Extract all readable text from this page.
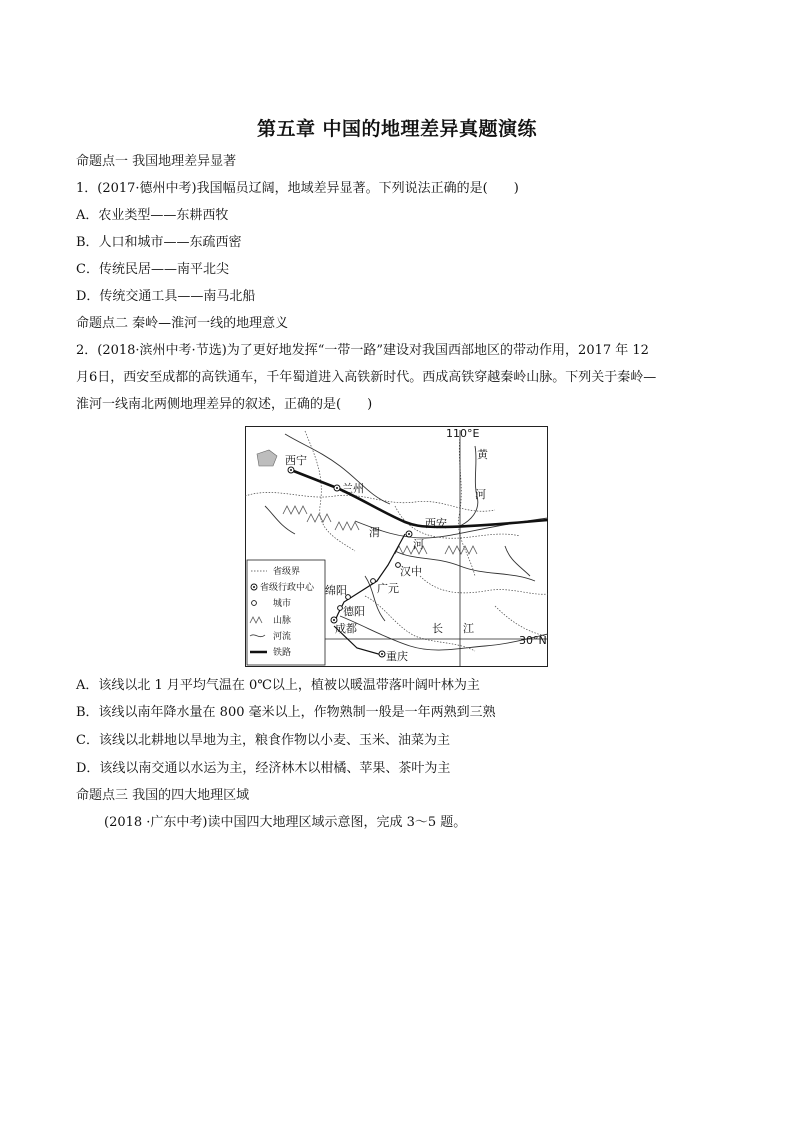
第五章 中国的地理差异真题演练
命题点一 我国地理差异显著
1．(2017·德州中考)我国幅员辽阔，地域差异显著。下列说法正确的是(　　)
A．农业类型——东耕西牧
B．人口和城市——东疏西密
C．传统民居——南平北尖
D．传统交通工具——南马北船
命题点二 秦岭—淮河一线的地理意义
2．(2018·滨州中考·节选)为了更好地发挥“一带一路”建设对我国西部地区的带动作用，2017 年 12
月6日，西安至成都的高铁通车，千年蜀道进入高铁新时代。西成高铁穿越秦岭山脉。下列关于秦岭—
淮河一线南北两侧地理差异的叙述，正确的是(　　)
西宁
兰州
西安
汉中
广元
绵阳
德阳
成都
重庆
黄
河
渭
河
长 江
110°E
30°N
省级界
省级行政中心
城市
山脉
河流
铁路
A．该线以北 1 月平均气温在 0℃以上，植被以暖温带落叶阔叶林为主
B．该线以南年降水量在 800 毫米以上，作物熟制一般是一年两熟到三熟
C．该线以北耕地以旱地为主，粮食作物以小麦、玉米、油菜为主
D．该线以南交通以水运为主，经济林木以柑橘、苹果、茶叶为主
命题点三 我国的四大地理区域
(2018 ·广东中考)读中国四大地理区域示意图，完成 3～5 题。
